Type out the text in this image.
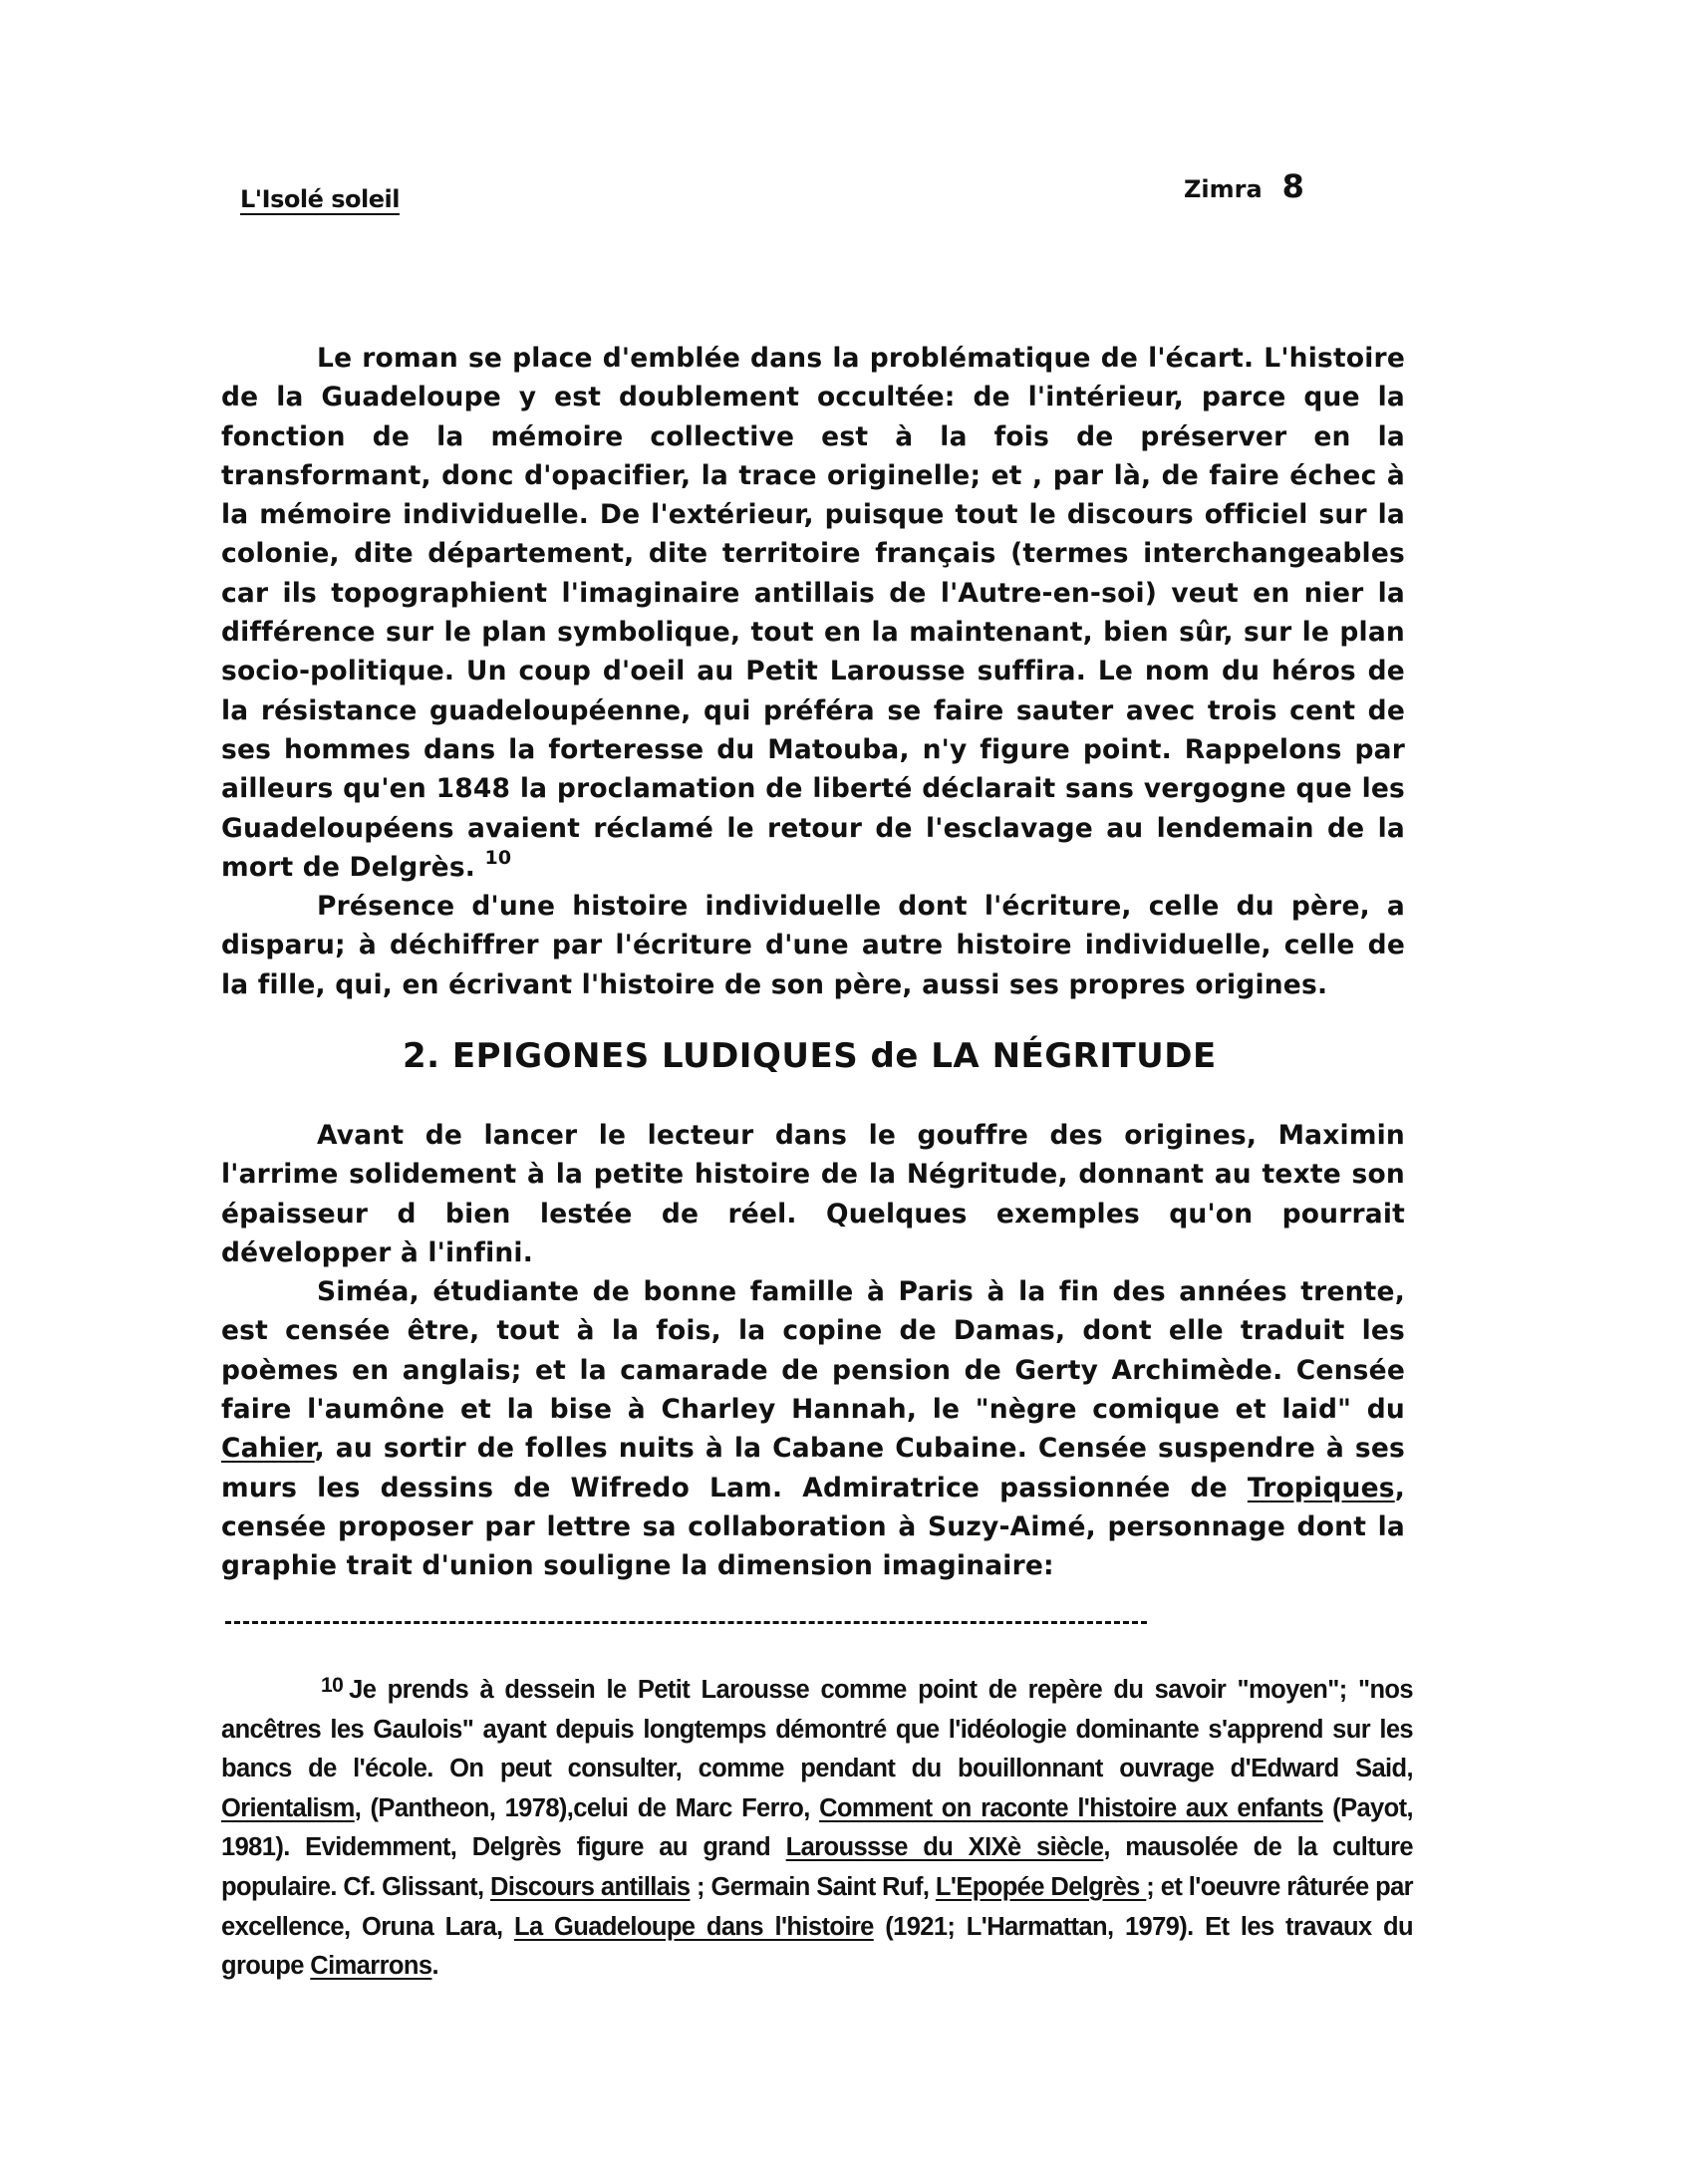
L'Isolé soleil	Zimra 8

Le roman se place d'emblée dans la problématique de l'écart. L'histoire de la Guadeloupe y est doublement occultée: de l'intérieur, parce que la fonction de la mémoire collective est à la fois de préserver en la transformant, donc d'opacifier, la trace originelle; et , par là, de faire échec à la mémoire individuelle. De l'extérieur, puisque tout le discours officiel sur la colonie, dite département, dite territoire français (termes interchangeables car ils topographient l'imaginaire antillais de l'Autre-en-soi) veut en nier la différence sur le plan symbolique, tout en la maintenant, bien sûr, sur le plan socio-politique. Un coup d'oeil au Petit Larousse suffira. Le nom du héros de la résistance guadeloupéenne, qui préféra se faire sauter avec trois cent de ses hommes dans la forteresse du Matouba, n'y figure point. Rappelons par ailleurs qu'en 1848 la proclamation de liberté déclarait sans vergogne que les Guadeloupéens avaient réclamé le retour de l'esclavage au lendemain de la mort de Delgrès. $^{10}$

Présence d'une histoire individuelle dont l'écriture, celle du père, a disparu; à déchiffrer par l'écriture d'une autre histoire individuelle, celle de la fille, qui, en écrivant l'histoire de son père, aussi ses propres origines.

2. EPIGONES LUDIQUES de LA NÉGRITUDE

Avant de lancer le lecteur dans le gouffre des origines, Maximin l'arrime solidement à la petite histoire de la Négritude, donnant au texte son épaisseur d bien lestée de réel. Quelques exemples qu'on pourrait développer à l'infini.

Siméa, étudiante de bonne famille à Paris à la fin des années trente, est censée être, tout à la fois, la copine de Damas, dont elle traduit les poèmes en anglais; et la camarade de pension de Gerty Archimède. Censée faire l'aumône et la bise à Charley Hannah, le "nègre comique et laid" du Cahier, au sortir de folles nuits à la Cabane Cubaine. Censée suspendre à ses murs les dessins de Wifredo Lam. Admiratrice passionnée de Tropiques, censée proposer par lettre sa collaboration à Suzy-Aimé, personnage dont la graphie trait d'union souligne la dimension imaginaire:

$^{10}$ Je prends à dessein le Petit Larousse comme point de repère du savoir "moyen"; "nos ancêtres les Gaulois" ayant depuis longtemps démontré que l'idéologie dominante s'apprend sur les bancs de l'école. On peut consulter, comme pendant du bouillonnant ouvrage d'Edward Said, Orientalism, (Pantheon, 1978),celui de Marc Ferro, Comment on raconte l'histoire aux enfants (Payot, 1981). Evidemment, Delgrès figure au grand Laroussse du XIXè siècle, mausolée de la culture populaire. Cf. Glissant, Discours antillais ; Germain Saint Ruf, L'Epopée Delgrès ; et l'oeuvre râturée par excellence, Oruna Lara, La Guadeloupe dans l'histoire (1921; L'Harmattan, 1979). Et les travaux du groupe Cimarrons.
